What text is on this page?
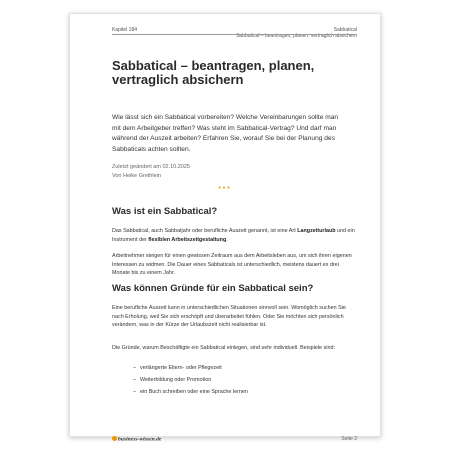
Kapitel 184	Sabbatical
Sabbatical – beantragen, planen, vertraglich absichern
Sabbatical – beantragen, planen,
vertraglich absichern

Wie lässt sich ein Sabbatical vorbereiten? Welche Vereinbarungen sollte man mit dem Arbeitgeber treffen? Was steht im Sabbatical-Vertrag? Und darf man während der Auszeit arbeiten? Erfahren Sie, worauf Sie bei der Planung des Sabbaticals achten sollten.

Zuletzt geändert am 02.10.2025
Von Heike Grethlein
•••
Was ist ein Sabbatical?

Das Sabbatical, auch Sabbatjahr oder berufliche Auszeit genannt, ist eine Art Langzeiturlaub und ein Instrument der flexiblen Arbeitszeitgestaltung.

Arbeitnehmer steigen für einen gewissen Zeitraum aus dem Arbeitsleben aus, um sich ihren eigenen Interessen zu widmen. Die Dauer eines Sabbaticals ist unterschiedlich, meistens dauert es drei Monate bis zu einem Jahr.

Was können Gründe für ein Sabbatical sein?

Eine berufliche Auszeit kann in unterschiedlichen Situationen sinnvoll sein. Womöglich suchen Sie nach Erholung, weil Sie sich erschöpft und überarbeitet fühlen. Oder Sie möchten sich persönlich verändern, was in der Kürze der Urlaubszeit nicht realisierbar ist.

Die Gründe, warum Beschäftigte ein Sabbatical einlegen, sind sehr individuell. Beispiele sind:

– verlängerte Eltern- oder Pflegezeit
– Weiterbildung oder Promotion
– ein Buch schreiben oder eine Sprache lernen
business-wissen.de	Seite 2
